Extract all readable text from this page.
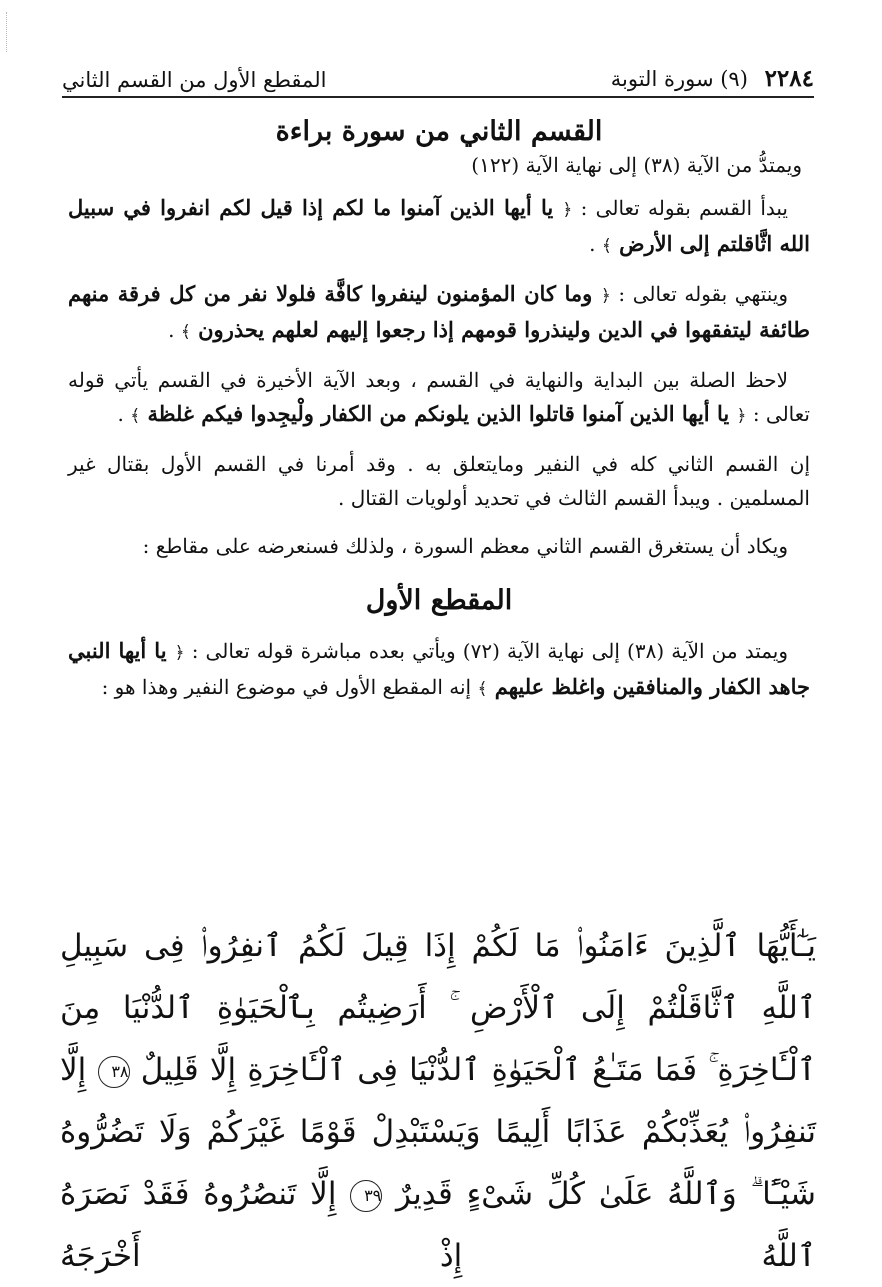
٢٢٨٤ (٩) سورة التوبة
المقطع الأول من القسم الثاني
القسم الثاني من سورة براءة
ويمتدُّ من الآية (٣٨) إلى نهاية الآية (١٢٢)

يبدأ القسم بقوله تعالى : ﴿ يا أيها الذين آمنوا ما لكم إذا قيل لكم انفروا في سبيل الله اثَّاقلتم إلى الأرض ﴾ .

وينتهي بقوله تعالى : ﴿ وما كان المؤمنون لينفروا كافَّة فلولا نفر من كل فرقة منهم طائفة ليتفقهوا في الدين ولينذروا قومهم إذا رجعوا إليهم لعلهم يحذرون ﴾ .

لاحظ الصلة بين البداية والنهاية في القسم ، وبعد الآية الأخيرة في القسم يأتي قوله تعالى : ﴿ يا أيها الذين آمنوا قاتلوا الذين يلونكم من الكفار ولْيجِدوا فيكم غلظة ﴾ .

إن القسم الثاني كله في النفير ومايتعلق به . وقد أمرنا في القسم الأول بقتال غير المسلمين . ويبدأ القسم الثالث في تحديد أولويات القتال .

ويكاد أن يستغرق القسم الثاني معظم السورة ، ولذلك فسنعرضه على مقاطع :

المقطع الأول

ويمتد من الآية (٣٨) إلى نهاية الآية (٧٢) ويأتي بعده مباشرة قوله تعالى : ﴿ يا أيها النبي جاهد الكفار والمنافقين واغلظ عليهم ﴾ إنه المقطع الأول في موضوع النفير وهذا هو :

يَـٰٓأَيُّهَا ٱلَّذِينَ ءَامَنُوا۟ مَا لَكُمْ إِذَا قِيلَ لَكُمُ ٱنفِرُوا۟ فِى سَبِيلِ ٱللَّهِ ٱثَّاقَلْتُمْ إِلَى ٱلْأَرْضِ ۚ أَرَضِيتُم بِٱلْحَيَوٰةِ ٱلدُّنْيَا مِنَ ٱلْـَٔاخِرَةِ ۚ فَمَا مَتَـٰعُ ٱلْحَيَوٰةِ ٱلدُّنْيَا فِى ٱلْـَٔاخِرَةِ إِلَّا قَلِيلٌ ٣٨ إِلَّا تَنفِرُوا۟ يُعَذِّبْكُمْ عَذَابًا أَلِيمًا وَيَسْتَبْدِلْ قَوْمًا غَيْرَكُمْ وَلَا تَضُرُّوهُ شَيْـًٔا ۗ وَٱللَّهُ عَلَىٰ كُلِّ شَىْءٍ قَدِيرٌ ٣٩ إِلَّا تَنصُرُوهُ فَقَدْ نَصَرَهُ ٱللَّهُ إِذْ أَخْرَجَهُ
